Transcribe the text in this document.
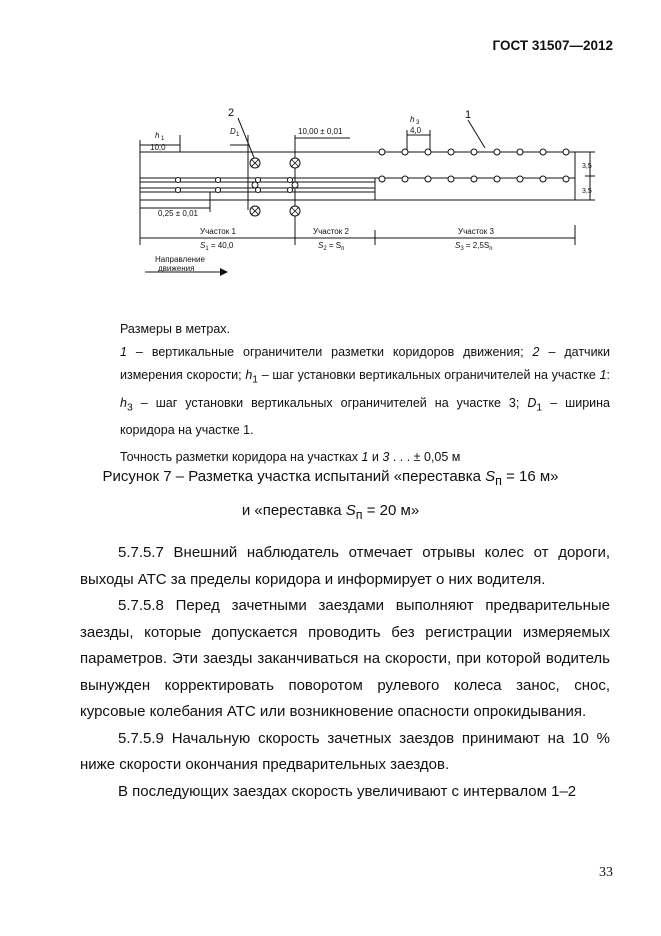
ГОСТ 31507—2012
2	1
h 1
10,0
D 1	10,00 ± 0,01
h 3
4,0
0,25 ± 0,01
3,5
3,5
Участок 1	Участок 2	Участок 3
$S_1 = 40,0$	$S_2 = S_п$	$S_3 = 2,5S_п$
Направление
движения

Размеры в метрах.

1 – вертикальные ограничители разметки коридоров движения; 2 – датчики измерения скорости; $h_1$ – шаг установки вертикальных ограничителей на участке 1: $h_3$ – шаг установки вертикальных ограничителей на участке 3; $D_1$ – ширина коридора на участке 1.

Точность разметки коридора на участках 1 и 3 . . . ± 0,05 м

Рисунок 7 – Разметка участка испытаний «переставка $S_п = 16$ м»
и «переставка $S_п = 20$ м»

5.7.5.7 Внешний наблюдатель отмечает отрывы колес от дороги, выходы АТС за пределы коридора и информирует о них водителя.

5.7.5.8 Перед зачетными заездами выполняют предварительные заезды, которые допускается проводить без регистрации измеряемых параметров. Эти заезды заканчиваться на скорости, при которой водитель вынужден корректировать поворотом рулевого колеса занос, снос, курсовые колебания АТС или возникновение опасности опрокидывания.

5.7.5.9 Начальную скорость зачетных заездов принимают на 10 % ниже скорости окончания предварительных заездов.

В последующих заездах скорость увеличивают с интервалом 1–2

33
